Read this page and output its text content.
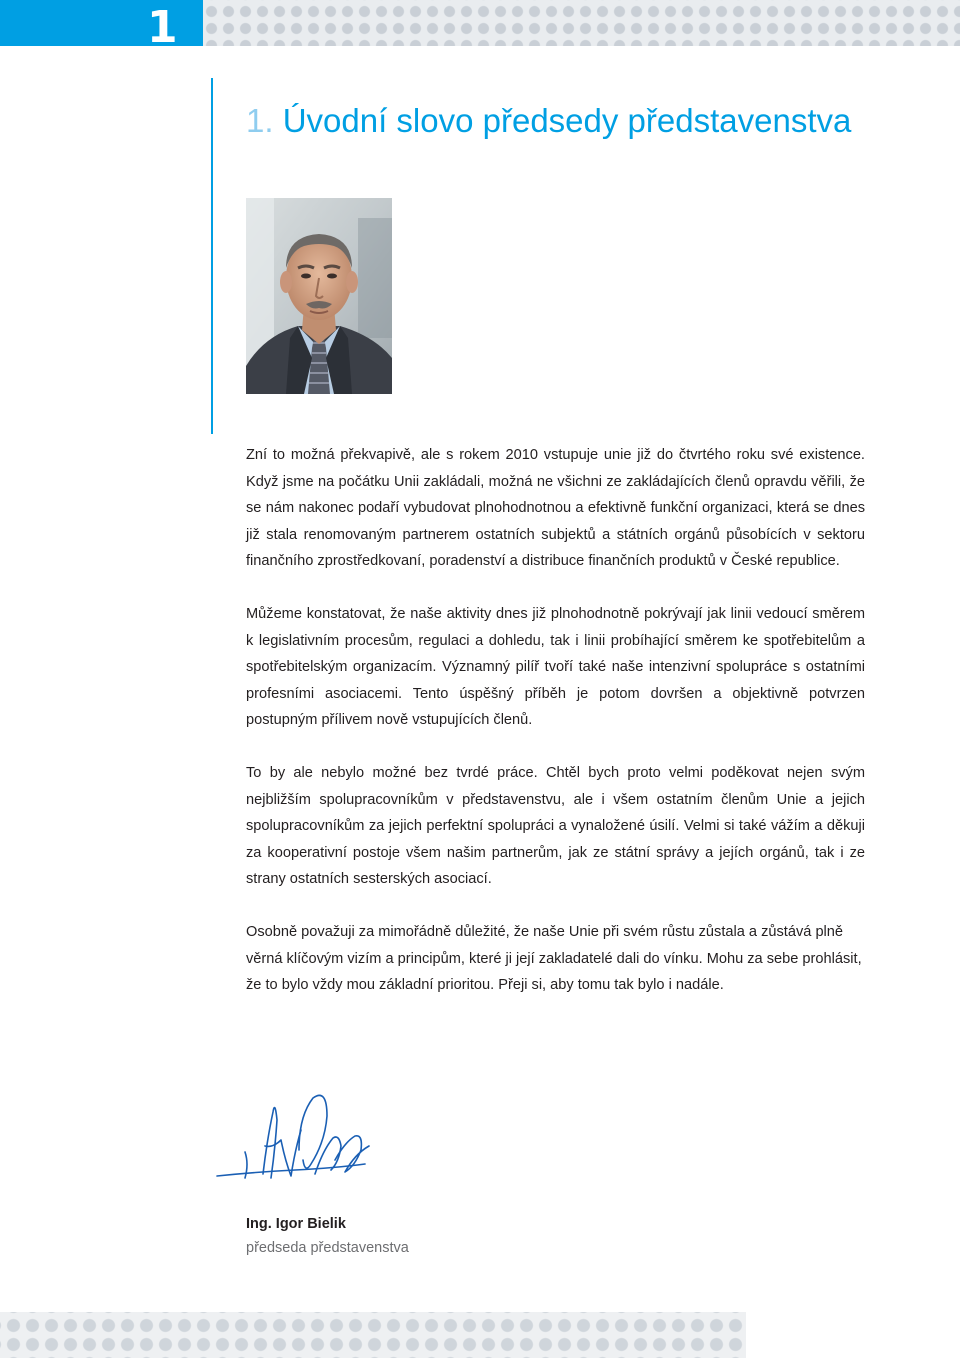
1
1. Úvodní slovo předsedy představenstva

Zní to možná překvapivě, ale s rokem 2010 vstupuje unie již do čtvrtého roku své existence. Když jsme na počátku Unii zakládali, možná ne všichni ze zakládajících členů opravdu věřili, že se nám nakonec podaří vybudovat plnohodnotnou a efektivně funkční organizaci, která se dnes již stala renomovaným partnerem ostatních subjektů a státních orgánů působících v sektoru finančního zprostředkovaní, poradenství a distribuce finančních produktů v České republice.

Můžeme konstatovat, že naše aktivity dnes již plnohodnotně pokrývají jak linii vedoucí směrem k legislativním procesům, regulaci a dohledu, tak i linii probíhající směrem ke spotřebitelům a spotřebitelským organizacím. Významný pilíř tvoří také naše intenzivní spolupráce s ostatními profesními asociacemi. Tento úspěšný příběh je potom dovršen a objektivně potvrzen postupným přílivem nově vstupujících členů.

To by ale nebylo možné bez tvrdé práce. Chtěl bych proto velmi poděkovat nejen svým nejbližším spolupracovníkům v představenstvu, ale i všem ostatním členům Unie a jejich spolupracovníkům za jejich perfektní spolupráci a vynaložené úsilí. Velmi si také vážím a děkuji za kooperativní postoje všem našim partnerům, jak ze státní správy a jejích orgánů, tak i ze strany ostatních sesterských asociací.

Osobně považuji za mimořádně důležité, že naše Unie při svém růstu zůstala a zůstává plně věrná klíčovým vizím a principům, které ji její zakladatelé dali do vínku. Mohu za sebe prohlásit, že to bylo vždy mou základní prioritou. Přeji si, aby tomu tak bylo i nadále.

Ing. Igor Bielik
předseda představenstva
